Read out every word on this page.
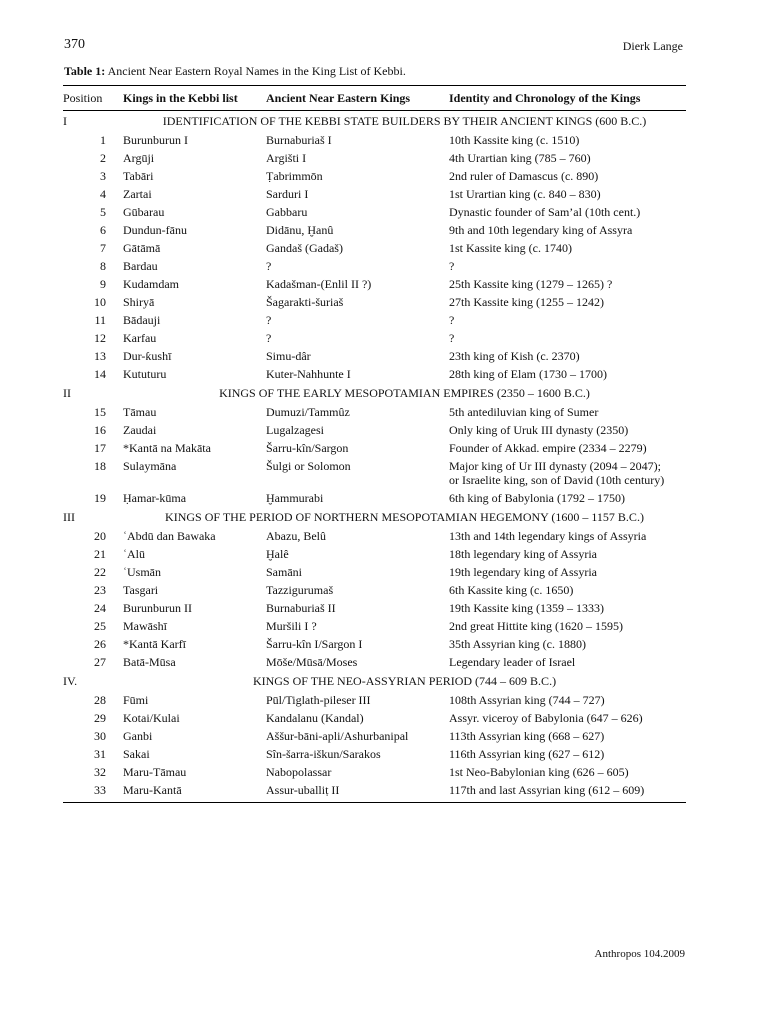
370	Dierk Lange
Table 1: Ancient Near Eastern Royal Names in the King List of Kebbi.
Position	Kings in the Kebbi list	Ancient Near Eastern Kings	Identity and Chronology of the Kings
I	IDENTIFICATION OF THE KEBBI STATE BUILDERS BY THEIR ANCIENT KINGS (600 B.C.)		
1	Burunburun I	Burnaburiaš I	10th Kassite king (c. 1510)
2	Argūji	Argišti I	4th Urartian king (785 – 760)
3	Tabāri	Ṭabrimmōn	2nd ruler of Damascus (c. 890)
4	Zartai	Sarduri I	1st Urartian king (c. 840 – 830)
5	Gūbarau	Gabbaru	Dynastic founder of Sam’al (10th cent.)
6	Dundun-fānu	Didānu, Ḫanû	9th and 10th legendary king of Assyra
7	Gātāmā	Gandaš (Gadaš)	1st Kassite king (c. 1740)
8	Bardau	?	?
9	Kudamdam	Kadašman-(Enlil II ?)	25th Kassite king (1279 – 1265) ?
10	Shiryā	Šagarakti-šuriaš	27th Kassite king (1255 – 1242)
11	Bādauji	?	?
12	Karfau	?	?
13	Dur-ƙushī	Simu-dâr	23th king of Kish (c. 2370)
14	Kututuru	Kuter-Nahhunte I	28th king of Elam (1730 – 1700)
II	KINGS OF THE EARLY MESOPOTAMIAN EMPIRES (2350 – 1600 B.C.)		
15	Tāmau	Dumuzi/Tammûz	5th antediluvian king of Sumer
16	Zaudai	Lugalzagesi	Only king of Uruk III dynasty (2350)
17	*Kantā na Makāta	Šarru-kîn/Sargon	Founder of Akkad. empire (2334 – 2279)
18	Sulaymāna	Šulgi or Solomon	Major king of Ur III dynasty (2094 – 2047);
or Israelite king, son of David (10th century)

19	Ḥamar-kūma	Ḫammurabi	6th king of Babylonia (1792 – 1750)
III	KINGS OF THE PERIOD OF NORTHERN MESOPOTAMIAN HEGEMONY (1600 – 1157 B.C.)		
20	ʿAbdū dan Bawaka	Abazu, Belû	13th and 14th legendary kings of Assyria
21	ʿAlū	Ḫalê	18th legendary king of Assyria
22	ʿUsmān	Samāni	19th legendary king of Assyria
23	Tasgari	Tazzigurumaš	6th Kassite king (c. 1650)
24	Burunburun II	Burnaburiaš II	19th Kassite king (1359 – 1333)
25	Mawāshī	Muršili I ?	2nd great Hittite king (1620 – 1595)
26	*Kantā Karfī	Šarru-kîn I/Sargon I	35th Assyrian king (c. 1880)
27	Batā-Mūsa	Mōše/Mūsā/Moses	Legendary leader of Israel
IV.	KINGS OF THE NEO-ASSYRIAN PERIOD (744 – 609 B.C.)		
28	Fūmi	Pūl/Tiglath-pileser III	108th Assyrian king (744 – 727)
29	Kotai/Kulai	Kandalanu (Kandal)	Assyr. viceroy of Babylonia (647 – 626)
30	Ganbi	Aššur-bāni-apli/Ashurbanipal	113th Assyrian king (668 – 627)
31	Sakai	Sîn-šarra-iškun/Sarakos	116th Assyrian king (627 – 612)
32	Maru-Tāmau	Nabopolassar	1st Neo-Babylonian king (626 – 605)
33	Maru-Kantā	Assur-uballiṭ II	117th and last Assyrian king (612 – 609)
Anthropos 104.2009
